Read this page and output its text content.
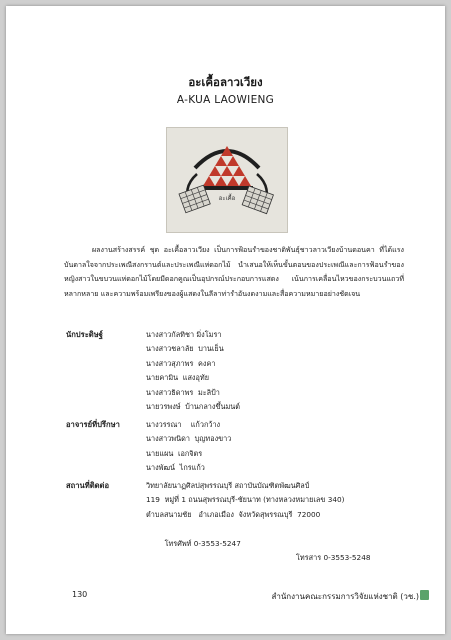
อะเคื้อลาวเวียง
A-KUA LAOWIENG
อะเคื้อ

ผลงานสร้างสรรค์ ชุด อะเคื้อลาวเวียง เป็นการฟ้อนรำของชาติพันธุ์ชาวลาวเวียงบ้านดอนคา ที่ได้แรงบันดาลใจจากประเพณีสงกรานต์และประเพณีแห่ดอกไม้ นำเสนอให้เห็นขั้นตอนของประเพณีและการฟ้อนรำของหญิงสาวในขบวนแห่ดอกไม้โดยมีดอกคูณเป็นอุปกรณ์ประกอบการแสดง เน้นการเคลื่อนไหวของกระบวนแถวที่หลากหลาย และความพร้อมเพรียงของผู้แสดงในลีลาท่ารำอันงดงามและสื่อความหมายอย่างชัดเจน

นักประดิษฐ์	นางสาวกัลทิชา มิ่งโมรา
นางสาวชลาลัย  บานเย็น
นางสาวสุภาพร  คงคา
นายคามิน  แสงอุทัย
นางสาวธิดาพร  มะลิป้า
นายวรพงษ์  บ้านกลางขึ้นมนต์
อาจารย์ที่ปรึกษา	นางวรรณา    แก้วกว้าง
นางสาวพนิดา  บุญทองขาว
นายแผน  เอกจิตร
นางพัฒน์  ไกรแก้ว
สถานที่ติดต่อ	วิทยาลัยนาฏศิลปสุพรรณบุรี สถาบันบัณฑิตพัฒนศิลป์
119  หมู่ที่ 1 ถนนสุพรรณบุรี-ชัยนาท (ทางหลวงหมายเลข 340)
ตำบลสนามชัย   อำเภอเมือง  จังหวัดสุพรรณบุรี  72000

โทรศัพท์ 0-3553-5247

โทรสาร 0-3553-5248

130	สำนักงานคณะกรรมการวิจัยแห่งชาติ (วช.)
